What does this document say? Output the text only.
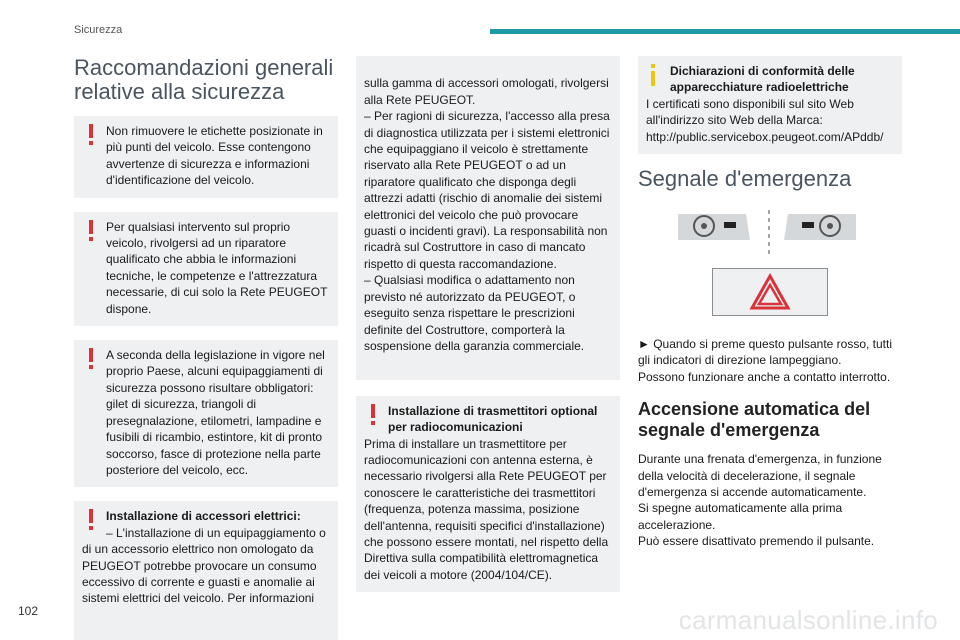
Sicurezza
Raccomandazioni generali relative alla sicurezza
Non rimuovere le etichette posizionate in più punti del veicolo. Esse contengono avvertenze di sicurezza e informazioni d'identificazione del veicolo.
Per qualsiasi intervento sul proprio veicolo, rivolgersi ad un riparatore qualificato che abbia le informazioni tecniche, le competenze e l'attrezzatura necessarie, di cui solo la Rete PEUGEOT dispone.
A seconda della legislazione in vigore nel proprio Paese, alcuni equipaggiamenti di sicurezza possono risultare obbligatori: gilet di sicurezza, triangoli di presegnalazione, etilometri, lampadine e fusibili di ricambio, estintore, kit di pronto soccorso, fasce di protezione nella parte posteriore del veicolo, ecc.
Installazione di accessori elettrici:
– L'installazione di un equipaggiamento o di un accessorio elettrico non omologato da PEUGEOT potrebbe provocare un consumo eccessivo di corrente e guasti e anomalie ai sistemi elettrici del veicolo. Per informazioni

sulla gamma di accessori omologati, rivolgersi alla Rete PEUGEOT.
– Per ragioni di sicurezza, l'accesso alla presa di diagnostica utilizzata per i sistemi elettronici che equipaggiano il veicolo è strettamente riservato alla Rete PEUGEOT o ad un riparatore qualificato che disponga degli attrezzi adatti (rischio di anomalie dei sistemi elettronici del veicolo che può provocare guasti o incidenti gravi). La responsabilità non ricadrà sul Costruttore in caso di mancato rispetto di questa raccomandazione.
– Qualsiasi modifica o adattamento non previsto né autorizzato da PEUGEOT, o eseguito senza rispettare le prescrizioni definite del Costruttore, comporterà la sospensione della garanzia commerciale.

Installazione di trasmettitori optional per radiocomunicazioni
Prima di installare un trasmettitore per radiocomunicazioni con antenna esterna, è necessario rivolgersi alla Rete PEUGEOT per conoscere le caratteristiche dei trasmettitori (frequenza, potenza massima, posizione dell'antenna, requisiti specifici d'installazione) che possono essere montati, nel rispetto della Direttiva sulla compatibilità elettromagnetica dei veicoli a motore (2004/104/CE).
Dichiarazioni di conformità delle apparecchiature radioelettriche
I certificati sono disponibili sul sito Web all'indirizzo sito Web della Marca: http://public.servicebox.peugeot.com/APddb/
Segnale d'emergenza
► Quando si preme questo pulsante rosso, tutti gli indicatori di direzione lampeggiano.
Possono funzionare anche a contatto interrotto.
Accensione automatica del segnale d'emergenza
Durante una frenata d'emergenza, in funzione della velocità di decelerazione, il segnale d'emergenza si accende automaticamente.
Si spegne automaticamente alla prima accelerazione.
Può essere disattivato premendo il pulsante.
102	carmanualsonline.info
